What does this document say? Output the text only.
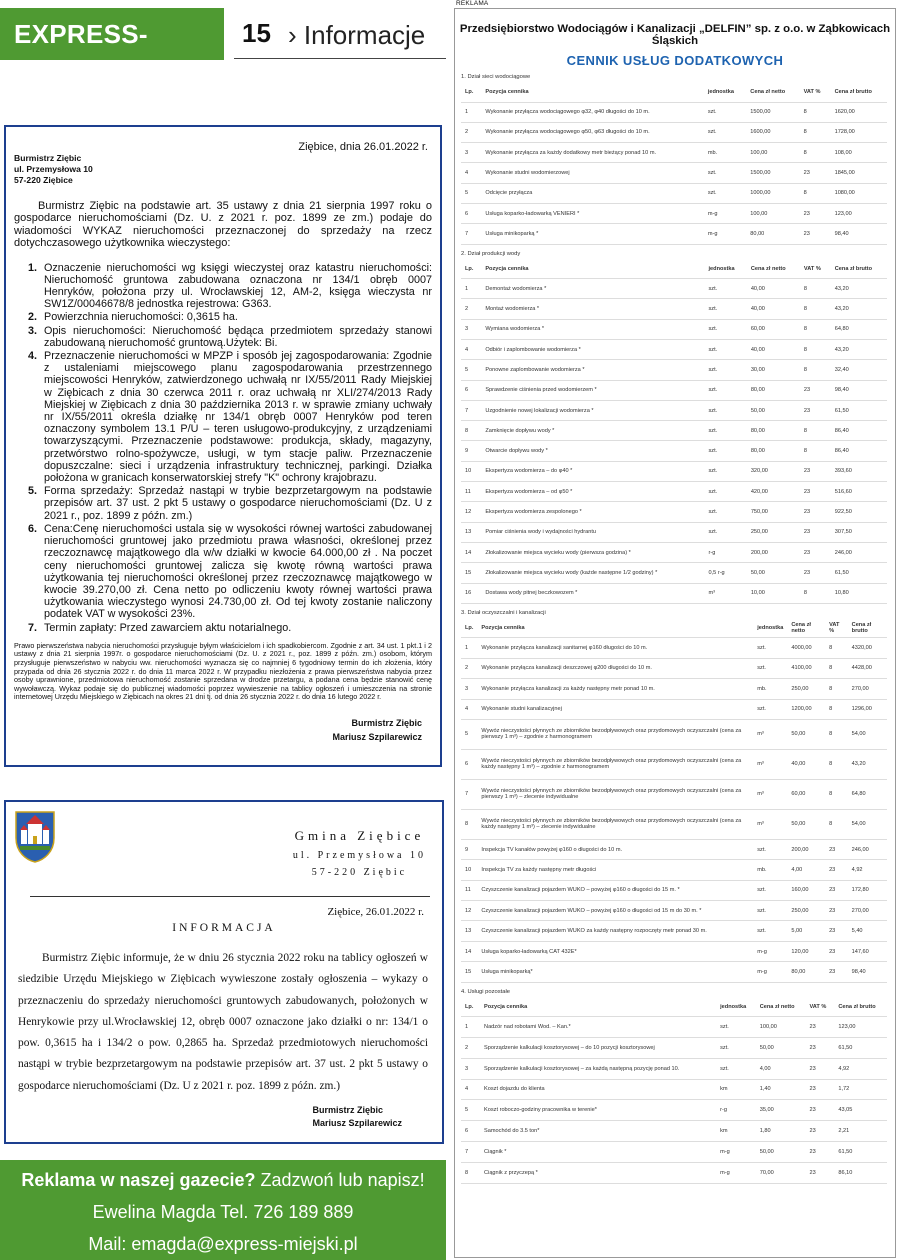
EXPRESS-MIEJSKI.PL
15 › Informacje
Ziębice, dnia 26.01.2022 r.
Burmistrz Ziębic
ul. Przemysłowa 10
57-220 Ziębice

Burmistrz Ziębic na podstawie art. 35 ustawy z dnia 21 sierpnia 1997 roku o gospodarce nieruchomościami (Dz. U. z 2021 r. poz. 1899 ze zm.) podaje do wiadomości WYKAZ nieruchomości przeznaczonej do sprzedaży na rzecz dotychczasowego użytkownika wieczystego:

1. Oznaczenie nieruchomości wg księgi wieczystej oraz katastru nieruchomości: Nieruchomość gruntowa zabudowana oznaczona nr 134/1 obręb 0007 Henryków, położona przy ul. Wrocławskiej 12, AM-2, księga wieczysta nr SW1Z/00046678/8 jednostka rejestrowa: G363.
2. Powierzchnia nieruchomości: 0,3615 ha.
3. Opis nieruchomości: Nieruchomość będąca przedmiotem sprzedaży stanowi zabudowaną nieruchomość gruntową.Użytek: Bi.
4. Przeznaczenie nieruchomości w MPZP i sposób jej zagospodarowania: Zgodnie z ustaleniami miejscowego planu zagospodarowania przestrzennego miejscowości Henryków, zatwierdzonego uchwałą nr IX/55/2011 Rady Miejskiej w Ziębicach z dnia 30 czerwca 2011 r. oraz uchwałą nr XLI/274/2013 Rady Miejskiej w Ziębicach z dnia 30 października 2013 r. w sprawie zmiany uchwały nr IX/55/2011 określa działkę nr 134/1 obręb 0007 Henryków pod teren oznaczony symbolem 13.1 P/U – teren usługowo-produkcyjny, z urządzeniami towarzyszącymi. Przeznaczenie podstawowe: produkcja, składy, magazyny, przetwórstwo rolno-spożywcze, usługi, w tym stacje paliw. Przeznaczenie dopuszczalne: sieci i urządzenia infrastruktury technicznej, parkingi. Działka położona w granicach konserwatorskiej strefy "K" ochrony krajobrazu.
5. Forma sprzedaży: Sprzedaż nastąpi w trybie bezprzetargowym na podstawie przepisów art. 37 ust. 2 pkt 5 ustawy o gospodarce nieruchomościami (Dz. U z 2021 r., poz. 1899 z późn. zm.)
6. Cena:Cenę nieruchomości ustala się w wysokości równej wartości zabudowanej nieruchomości gruntowej jako przedmiotu prawa własności, określonej przez rzeczoznawcę majątkowego dla w/w działki w kwocie 64.000,00 zł . Na poczet ceny nieruchomości gruntowej zalicza się kwotę równą wartości prawa użytkowania tej nieruchomości określonej przez rzeczoznawcę majątkowego w kwocie 39.270,00 zł. Cena netto po odliczeniu kwoty równej wartości prawa użytkowania wieczystego wynosi 24.730,00 zł. Od tej kwoty zostanie naliczony podatek VAT w wysokości 23%.
7. Termin zapłaty: Przed zawarciem aktu notarialnego.

Prawo pierwszeństwa nabycia nieruchomości przysługuje byłym właścicielom i ich spadkobiercom. Zgodnie z art. 34 ust. 1 pkt.1 i 2 ustawy z dnia 21 sierpnia 1997r. o gospodarce nieruchomościami (Dz. U. z 2021 r., poz. 1899 z późn. zm.) osobom, którym przysługuje pierwszeństwo w nabyciu ww. nieruchomości wyznacza się co najmniej 6 tygodniowy termin do ich złożenia, który przypada od dnia 26 stycznia 2022 r. do dnia 11 marca 2022 r. W przypadku niezłożenia z prawa pierwszeństwa nabycia przez osoby uprawnione, przedmiotowa nieruchomość zostanie sprzedana w drodze przetargu, a podana cena będzie stanowić cenę wywoławczą. Wykaz podaje się do publicznej wiadomości poprzez wywieszenie na tablicy ogłoszeń i umieszczenia na stronie internetowej Urzędu Miejskiego w Ziębicach na okres 21 dni tj. od dnia 26 stycznia 2022 r. do dnia 16 lutego 2022 r.

Burmistrz Ziębic
Mariusz Szpilarewicz
Gmina Ziębice
ul. Przemysłowa 10
57-220 Ziębic
Ziębice, 26.01.2022 r.
INFORMACJA

Burmistrz Ziębic informuje, że w dniu 26 stycznia 2022 roku na tablicy ogłoszeń w siedzibie Urzędu Miejskiego w Ziębicach wywieszone zostały ogłoszenia – wykazy o przeznaczeniu do sprzedaży nieruchomości gruntowych zabudowanych, położonych w Henrykowie przy ul.Wrocławskiej 12, obręb 0007 oznaczone jako działki o nr: 134/1 o pow. 0,3615 ha i 134/2 o pow. 0,2865 ha. Sprzedaż przedmiotowych nieruchomości nastąpi w trybie bezprzetargowym na podstawie przepisów art. 37 ust. 2 pkt 5 ustawy o gospodarce nieruchomościami (Dz. U z 2021 r. poz. 1899 z późn. zm.)

Burmistrz Ziębic
Mariusz Szpilarewicz
Reklama w naszej gazecie? Zadzwoń lub napisz!
Ewelina Magda Tel. 726 189 889
Mail: emagda@express-miejski.pl
REKLAMA
Przedsiębiorstwo Wodociągów i Kanalizacji „DELFIN” sp. z o.o. w Ząbkowicach Śląskich
CENNIK USŁUG DODATKOWYCH
1. Dział sieci wodociągowe
Lp.	Pozycja cennika	jednostka	Cena zł netto	VAT %	Cena zł brutto
1	Wykonanie przyłącza wodociągowego φ32, φ40 długości do 10 m.	szt.	1500,00	8	1620,00
2	Wykonanie przyłącza wodociągowego φ50, φ63 długości do 10 m.	szt.	1600,00	8	1728,00
3	Wykonanie przyłącza za każdy dodatkowy metr bieżący ponad 10 m.	mb.	100,00	8	108,00
4	Wykonanie studni wodomierzowej	szt.	1500,00	23	1845,00
5	Odcięcie przyłącza	szt.	1000,00	8	1080,00
6	Usługa koparko-ładowarką VENIERI *	m-g	100,00	23	123,00
7	Usługa minikoparką *	m-g	80,00	23	98,40
2. Dział produkcji wody
Lp.	Pozycja cennika	jednostka	Cena zł netto	VAT %	Cena zł brutto
1	Demontaż wodomierza *	szt.	40,00	8	43,20
2	Montaż wodomierza *	szt.	40,00	8	43,20
3	Wymiana wodomierza *	szt.	60,00	8	64,80
4	Odbiór i zaplombowanie wodomierza *	szt.	40,00	8	43,20
5	Ponowne zaplombowanie wodomierza *	szt.	30,00	8	32,40
6	Sprawdzenie ciśnienia przed wodomierzem *	szt.	80,00	23	98,40
7	Uzgodnienie nowej lokalizacji wodomierza *	szt.	50,00	23	61,50
8	Zamknięcie dopływu wody *	szt.	80,00	8	86,40
9	Otwarcie dopływu wody *	szt.	80,00	8	86,40
10	Ekspertyza wodomierza – do φ40 *	szt.	320,00	23	393,60
11	Ekspertyza wodomierza – od φ50 *	szt.	420,00	23	516,60
12	Ekspertyza wodomierza zespolonego *	szt.	750,00	23	922,50
13	Pomiar ciśnienia wody i wydajności hydrantu	szt.	250,00	23	307,50
14	Złokalizowanie miejsca wycieku wody (pierwsza godzina) *	r-g	200,00	23	246,00
15	Złokalizowanie miejsca wycieku wody (każde następne 1/2 godziny) *	0,5 r-g	50,00	23	61,50
16	Dostawa wody pitnej beczkowozem *	m³	10,00	8	10,80
3. Dział oczyszczalni i kanalizacji
Lp.	Pozycja cennika	jednostka	Cena zł netto	VAT %	Cena zł brutto
1	Wykonanie przyłącza kanalizacji sanitarnej φ160 długości do 10 m.	szt.	4000,00	8	4320,00
2	Wykonanie przyłącza kanalizacji deszczowej φ200 długości do 10 m.	szt.	4100,00	8	4428,00
3	Wykonanie przyłącza kanalizacji za każdy następny metr ponad 10 m.	mb.	250,00	8	270,00
4	Wykonanie studni kanalizacyjnej	szt.	1200,00	8	1296,00
5	Wywóz nieczystości płynnych ze zbiorników bezodpływowych oraz przydomowych oczyszczalni (cena za pierwszy 1 m³) – zgodnie z harmonogramem	m³	50,00	8	54,00
6	Wywóz nieczystości płynnych ze zbiorników bezodpływowych oraz przydomowych oczyszczalni (cena za każdy następny 1 m³) – zgodnie z harmonogramem	m³	40,00	8	43,20
7	Wywóz nieczystości płynnych ze zbiorników bezodpływowych oraz przydomowych oczyszczalni (cena za pierwszy 1 m³) – zlecenie indywidualne	m³	60,00	8	64,80
8	Wywóz nieczystości płynnych ze zbiorników bezodpływowych oraz przydomowych oczyszczalni (cena za każdy następny 1 m³) – zlecenie indywidualne	m³	50,00	8	54,00
9	Inspekcja TV kanałów powyżej φ160 o długości do 10 m.	szt.	200,00	23	246,00
10	Inspekcja TV za każdy następny metr długości	mb.	4,00	23	4,92
11	Czyszczenie kanalizacji pojazdem WUKO – powyżej φ160 o długości do 15 m. *	szt.	160,00	23	172,80
12	Czyszczenie kanalizacji pojazdem WUKO – powyżej φ160 o długości od 15 m do 30 m. *	szt.	250,00	23	270,00
13	Czyszczenie kanalizacji pojazdem WUKO za każdy następny rozpoczęty metr ponad 30 m.	szt.	5,00	23	5,40
14	Usługa koparko-ładowarką CAT 432E*	m-g	120,00	23	147,60
15	Usługa minikoparką*	m-g	80,00	23	98,40
4. Usługi pozostałe
Lp.	Pozycja cennika	jednostka	Cena zł netto	VAT %	Cena zł brutto
1	Nadzór nad robotami Wod. – Kan.*	szt.	100,00	23	123,00
2	Sporządzenie kalkulacji kosztorysowej – do 10 pozycji kosztorysowej	szt.	50,00	23	61,50
3	Sporządzenie kalkulacji kosztorysowej – za każdą następną pozycję ponad 10.	szt.	4,00	23	4,92
4	Koszt dojazdu do klienta	km	1,40	23	1,72
5	Koszt roboczo-godziny pracownika w terenie*	r-g	35,00	23	43,05
6	Samochód do 3.5 ton*	km	1,80	23	2,21
7	Ciągnik *	m-g	50,00	23	61,50
8	Ciągnik z przyczepą *	m-g	70,00	23	86,10
